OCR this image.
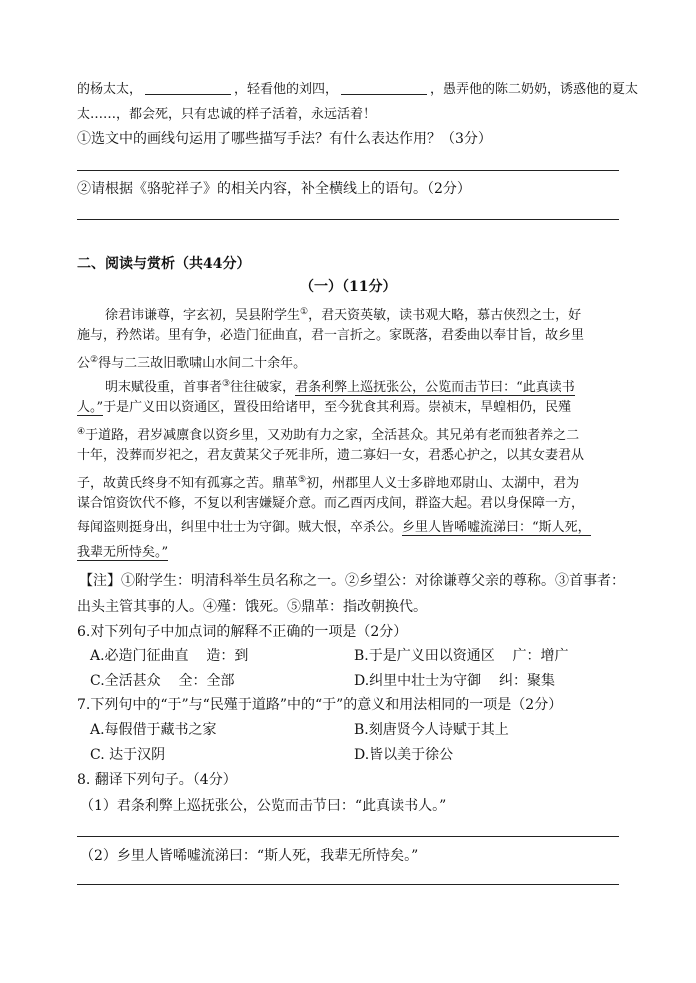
的杨太太，	，轻看他的刘四，	，愚弄他的陈二奶奶，诱惑他的夏太
太……，都会死，只有忠诚的样子活着，永远活着！
①选文中的画线句运用了哪些描写手法？有什么表达作用？（3分）
②请根据《骆驼祥子》的相关内容，补全横线上的语句。（2分）
二、阅读与赏析（共44分）
（一）（11分）
徐君讳谦尊，字玄初，吴县附学生①，君天资英敏，读书观大略，慕古侠烈之士，好
施与，矜然诺。里有争，必造门征曲直，君一言折之。家既落，君委曲以奉甘旨，故乡里
公②得与二三故旧歌啸山水间二十余年。
明末赋役重，首事者③往往破家，君条利弊上巡抚张公，公览而击节曰：“此真读书
人。”于是广义田以资通区，置役田给诸甲，至今犹食其利焉。崇祯末，旱蝗相仍，民殣
④于道路，君岁减廪食以资乡里，又劝助有力之家，全活甚众。其兄弟有老而独者养之二
十年，没葬而岁祀之，君友黄某父子死非所，遗二寡妇一女，君悉心护之，以其女妻君从
子，故黄氏终身不知有孤寡之苦。鼎革⑤初，州郡里人义士多辟地邓尉山、太湖中，君为
谋合馆资饮代不修，不复以利害嫌疑介意。而乙酉丙戌间，群盗大起。君以身保障一方，
每闻盗则挺身出，纠里中壮士为守御。贼大恨，卒杀公。乡里人皆唏嘘流涕曰：“斯人死，
我辈无所恃矣。”
【注】①附学生：明清科举生员名称之一。②乡望公：对徐谦尊父亲的尊称。③首事者：
出头主管其事的人。④殣：饿死。⑤鼎革：指改朝换代。
6.对下列句子中加点词的解释不正确的一项是（2分）
A.必造门征曲直    造：到	B.于是广义田以资通区    广：增广
C.全活甚众    全：全部	D.纠里中壮士为守御    纠：聚集
7.下列句中的“于”与“民殣于道路”中的“于”的意义和用法相同的一项是（2分）
A.每假借于藏书之家	B.刻唐贤今人诗赋于其上
C. 达于汉阴	D.皆以美于徐公
8. 翻译下列句子。（4分）
（1）君条利弊上巡抚张公，公览而击节曰：“此真读书人。”
（2）乡里人皆唏嘘流涕曰：“斯人死，我辈无所恃矣。”
